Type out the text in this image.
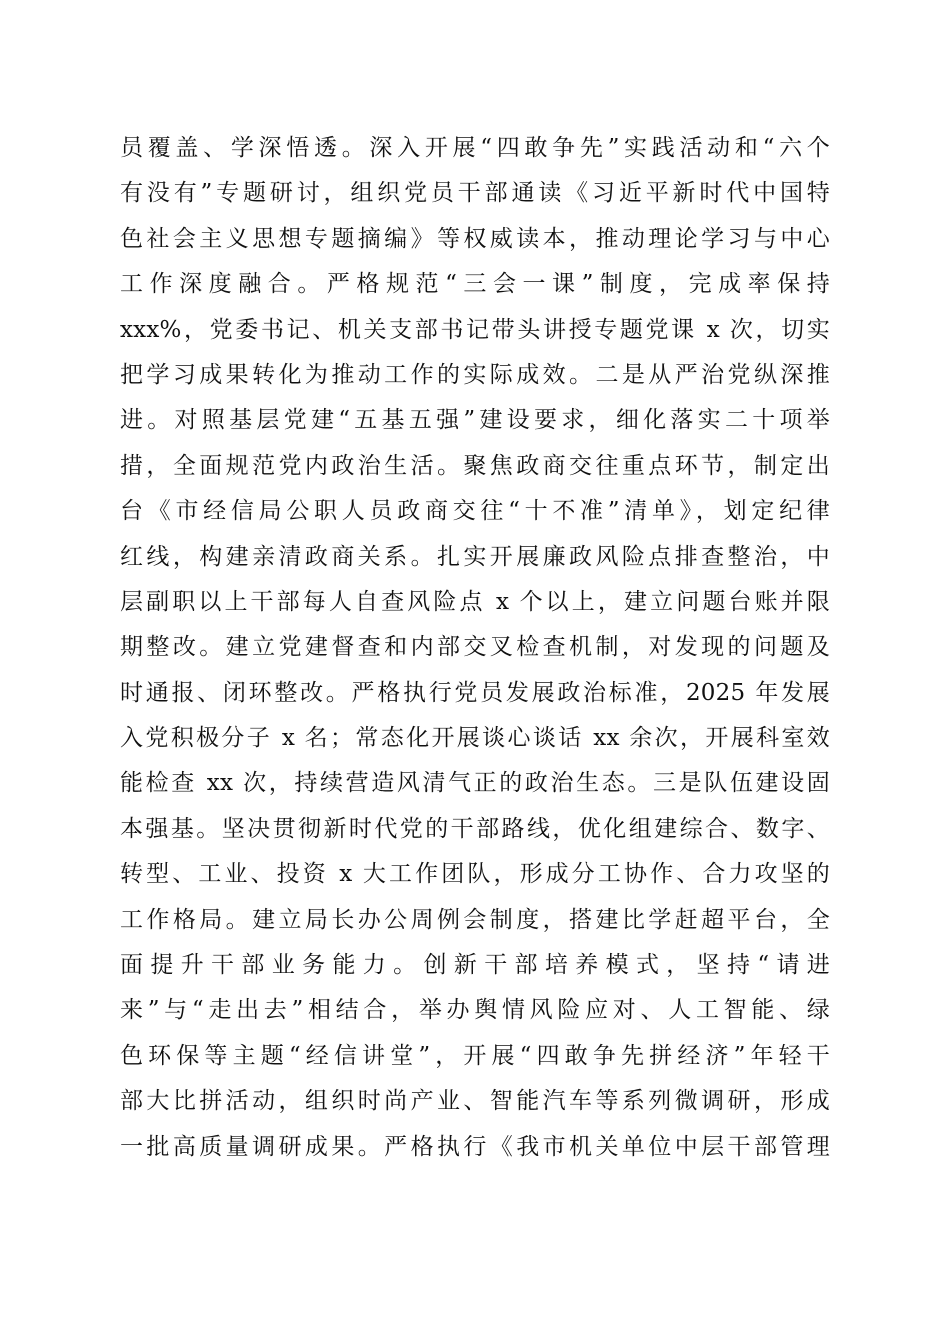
员覆盖、学深悟透。深入开展“四敢争先”实践活动和“六个
有没有”专题研讨，组织党员干部通读《习近平新时代中国特
色社会主义思想专题摘编》等权威读本，推动理论学习与中心
工作深度融合。严格规范“三会一课”制度，完成率保持
xxx%，党委书记、机关支部书记带头讲授专题党课 x 次，切实
把学习成果转化为推动工作的实际成效。二是从严治党纵深推
进。对照基层党建“五基五强”建设要求，细化落实二十项举
措，全面规范党内政治生活。聚焦政商交往重点环节，制定出
台《市经信局公职人员政商交往“十不准”清单》，划定纪律
红线，构建亲清政商关系。扎实开展廉政风险点排查整治，中
层副职以上干部每人自查风险点 x 个以上，建立问题台账并限
期整改。建立党建督查和内部交叉检查机制，对发现的问题及
时通报、闭环整改。严格执行党员发展政治标准，2025 年发展
入党积极分子 x 名；常态化开展谈心谈话 xx 余次，开展科室效
能检查 xx 次，持续营造风清气正的政治生态。三是队伍建设固
本强基。坚决贯彻新时代党的干部路线，优化组建综合、数字、
转型、工业、投资 x 大工作团队，形成分工协作、合力攻坚的
工作格局。建立局长办公周例会制度，搭建比学赶超平台，全
面提升干部业务能力。创新干部培养模式，坚持“请进
来”与“走出去”相结合，举办舆情风险应对、人工智能、绿
色环保等主题“经信讲堂”，开展“四敢争先拼经济”年轻干
部大比拼活动，组织时尚产业、智能汽车等系列微调研，形成
一批高质量调研成果。严格执行《我市机关单位中层干部管理
